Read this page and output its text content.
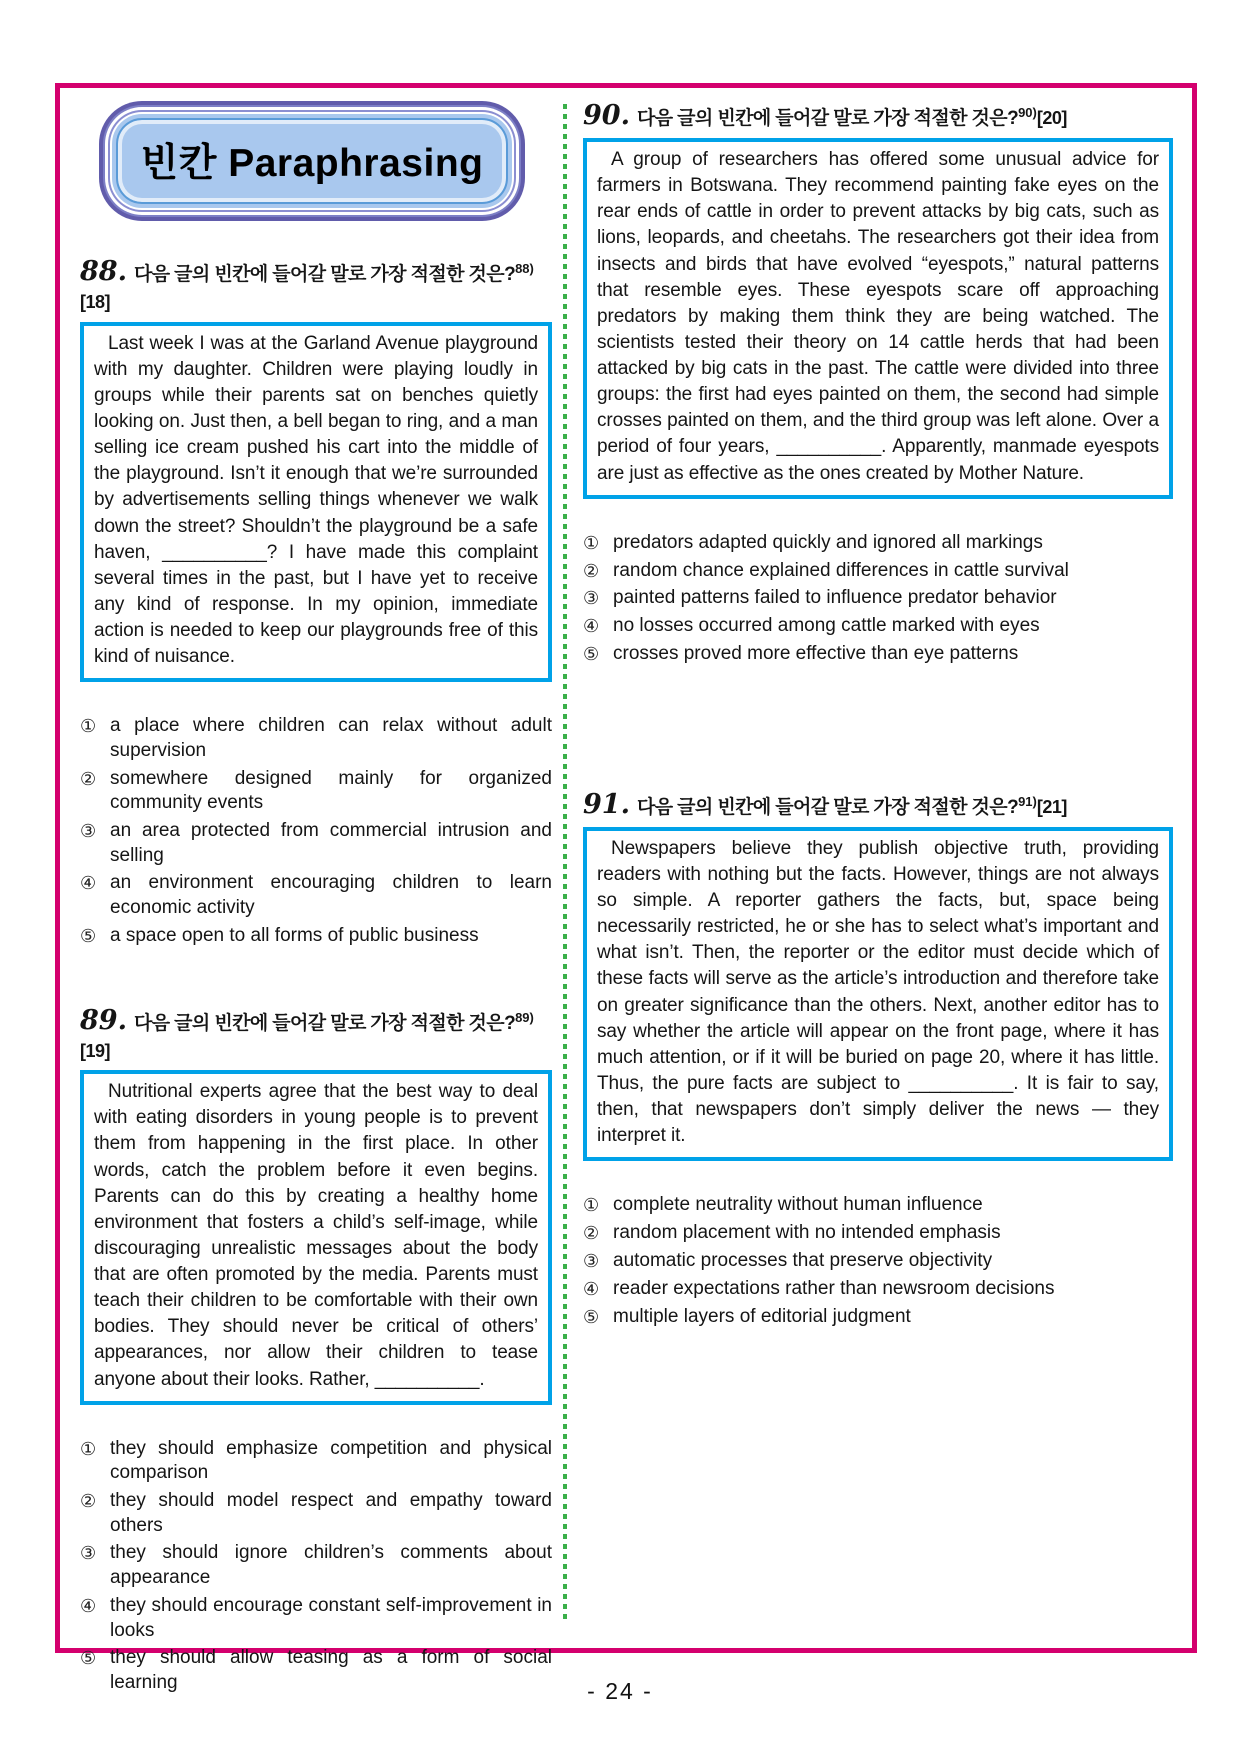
빈칸 Paraphrasing
88. 다음 글의 빈칸에 들어갈 말로 가장 적절한 것은?$^{88)}$[18]

Last week I was at the Garland Avenue playground with my daughter. Children were playing loudly in groups while their parents sat on benches quietly looking on. Just then, a bell began to ring, and a man selling ice cream pushed his cart into the middle of the playground. Isn’t it enough that we’re surrounded by advertisements selling things whenever we walk down the street? Shouldn’t the playground be a safe haven, __________? I have made this complaint several times in the past, but I have yet to receive any kind of response. In my opinion, immediate action is needed to keep our playgrounds free of this kind of nuisance.

① a place where children can relax without adult supervision
② somewhere designed mainly for organized community events
③ an area protected from commercial intrusion and selling
④ an environment encouraging children to learn economic activity
⑤ a space open to all forms of public business
89. 다음 글의 빈칸에 들어갈 말로 가장 적절한 것은?$^{89)}$[19]

Nutritional experts agree that the best way to deal with eating disorders in young people is to prevent them from happening in the first place. In other words, catch the problem before it even begins. Parents can do this by creating a healthy home environment that fosters a child’s self-image, while discouraging unrealistic messages about the body that are often promoted by the media. Parents must teach their children to be comfortable with their own bodies. They should never be critical of others’ appearances, nor allow their children to tease anyone about their looks. Rather, __________.

① they should emphasize competition and physical comparison
② they should model respect and empathy toward others
③ they should ignore children’s comments about appearance
④ they should encourage constant self-improvement in looks
⑤ they should allow teasing as a form of social learning
90. 다음 글의 빈칸에 들어갈 말로 가장 적절한 것은?$^{90)}$[20]

A group of researchers has offered some unusual advice for farmers in Botswana. They recommend painting fake eyes on the rear ends of cattle in order to prevent attacks by big cats, such as lions, leopards, and cheetahs. The researchers got their idea from insects and birds that have evolved “eyespots,” natural patterns that resemble eyes. These eyespots scare off approaching predators by making them think they are being watched. The scientists tested their theory on 14 cattle herds that had been attacked by big cats in the past. The cattle were divided into three groups: the first had eyes painted on them, the second had simple crosses painted on them, and the third group was left alone. Over a period of four years, __________. Apparently, manmade eyespots are just as effective as the ones created by Mother Nature.

① predators adapted quickly and ignored all markings
② random chance explained differences in cattle survival
③ painted patterns failed to influence predator behavior
④ no losses occurred among cattle marked with eyes
⑤ crosses proved more effective than eye patterns
91. 다음 글의 빈칸에 들어갈 말로 가장 적절한 것은?$^{91)}$[21]

Newspapers believe they publish objective truth, providing readers with nothing but the facts. However, things are not always so simple. A reporter gathers the facts, but, space being necessarily restricted, he or she has to select what’s important and what isn’t. Then, the reporter or the editor must decide which of these facts will serve as the article’s introduction and therefore take on greater significance than the others. Next, another editor has to say whether the article will appear on the front page, where it has much attention, or if it will be buried on page 20, where it has little. Thus, the pure facts are subject to __________. It is fair to say, then, that newspapers don’t simply deliver the news — they interpret it.

① complete neutrality without human influence
② random placement with no intended emphasis
③ automatic processes that preserve objectivity
④ reader expectations rather than newsroom decisions
⑤ multiple layers of editorial judgment
- 24 -
